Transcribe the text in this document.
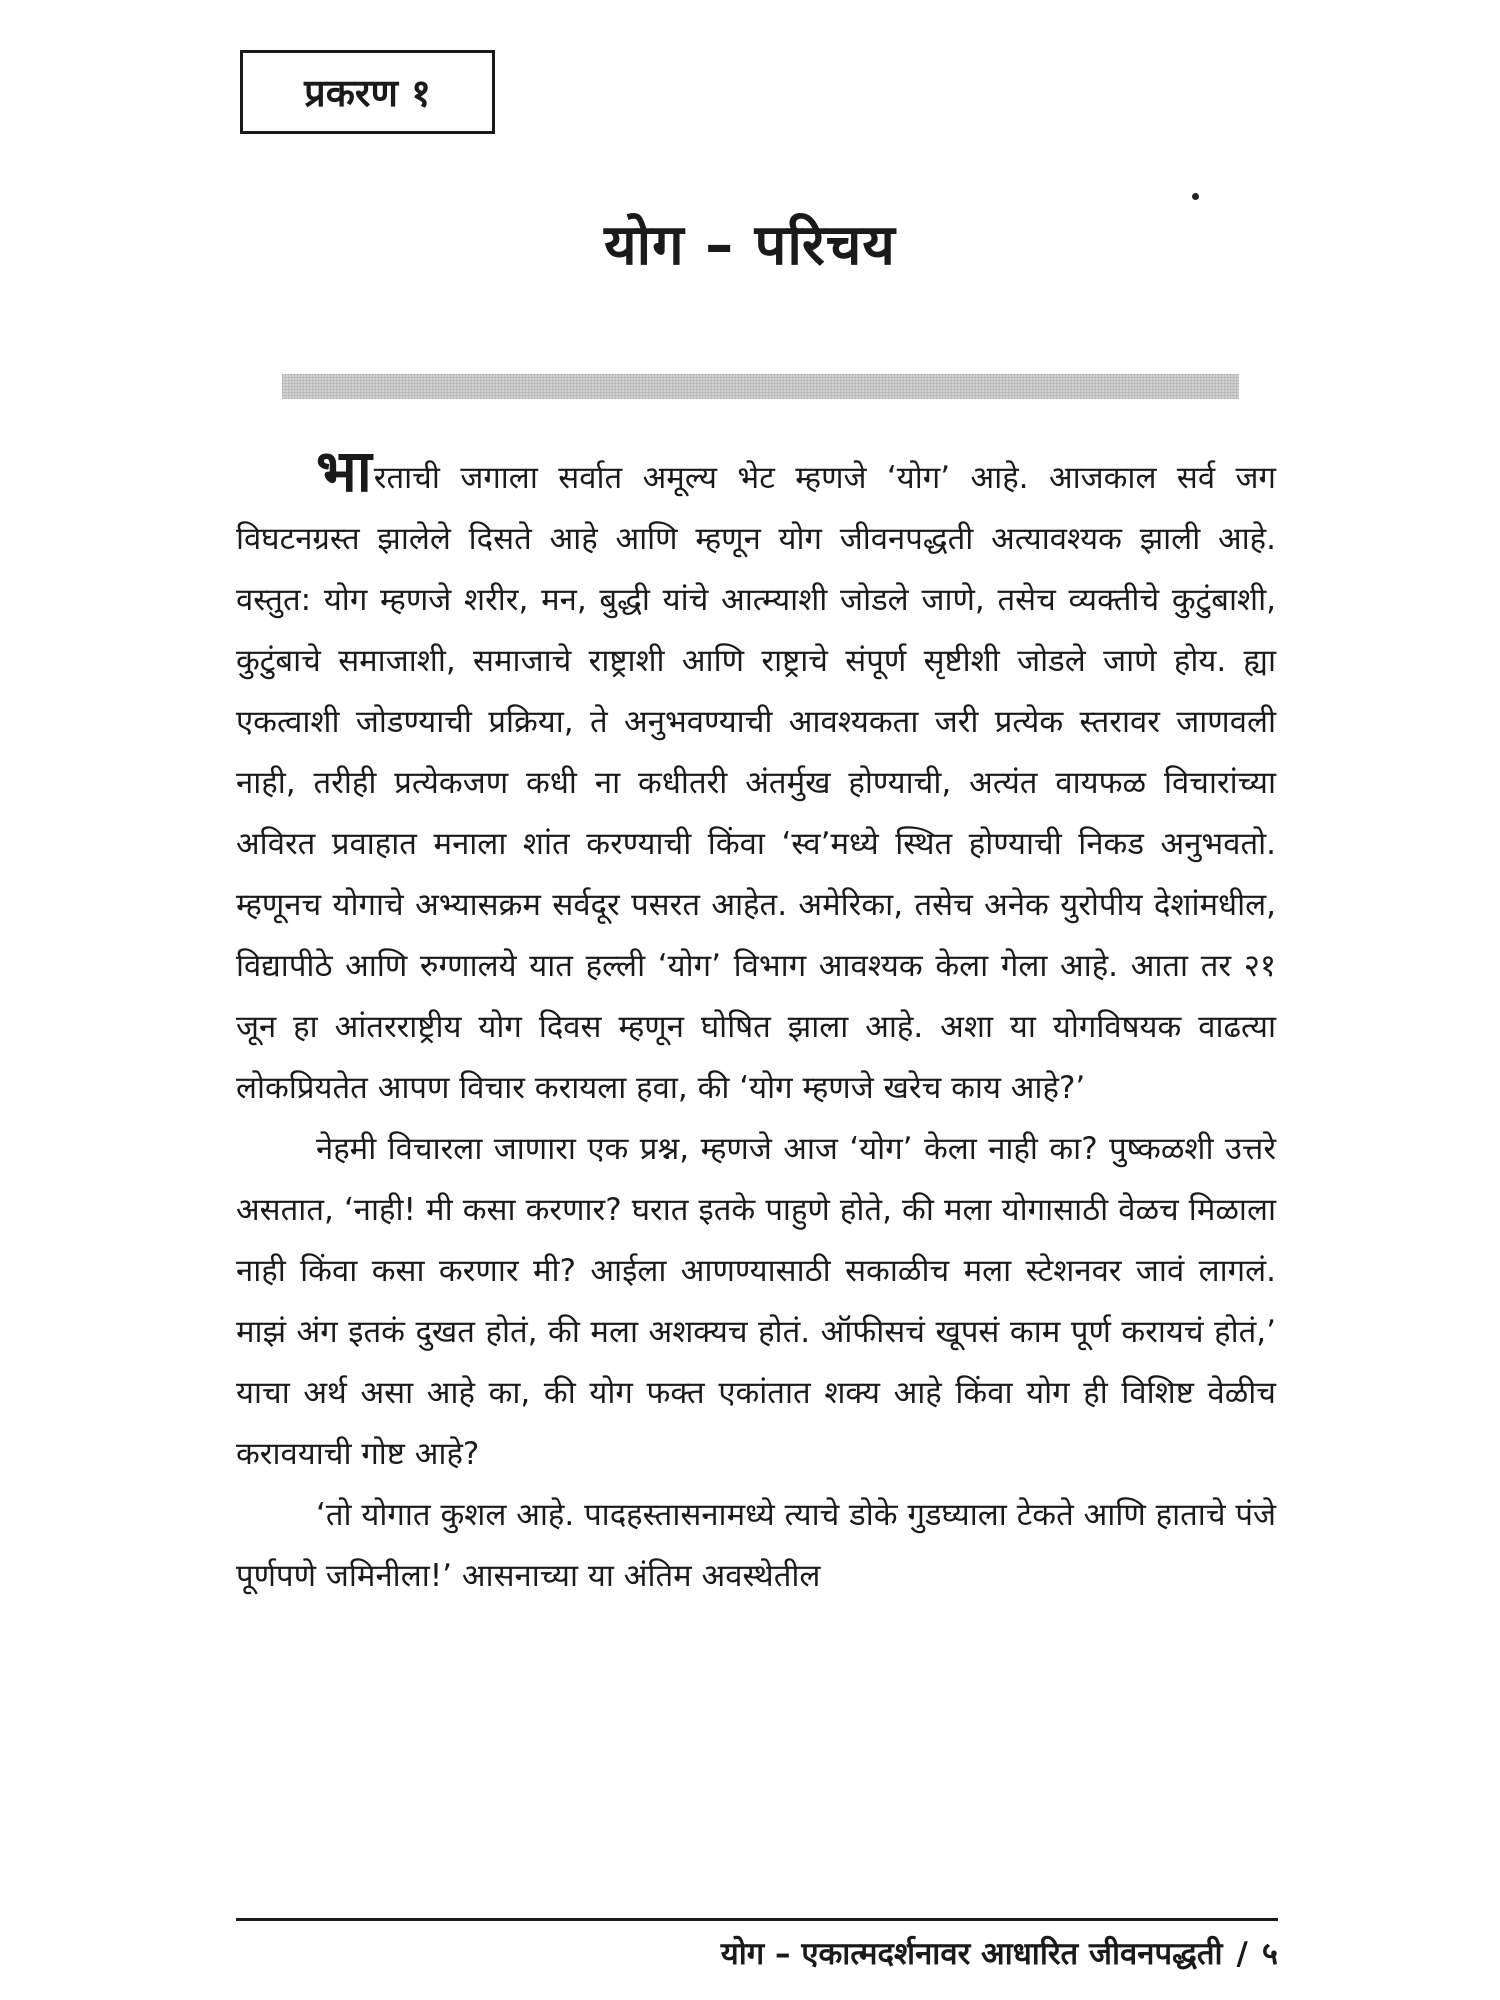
प्रकरण १
योग – परिचय

भारताची जगाला सर्वात अमूल्य भेट म्हणजे ‘योग’ आहे. आजकाल सर्व जग विघटनग्रस्त झालेले दिसते आहे आणि म्हणून योग जीवनपद्धती अत्यावश्यक झाली आहे. वस्तुत: योग म्हणजे शरीर, मन, बुद्धी यांचे आत्म्याशी जोडले जाणे, तसेच व्यक्तीचे कुटुंबाशी, कुटुंबाचे समाजाशी, समाजाचे राष्ट्राशी आणि राष्ट्राचे संपूर्ण सृष्टीशी जोडले जाणे होय. ह्या एकत्वाशी जोडण्याची प्रक्रिया, ते अनुभवण्याची आवश्यकता जरी प्रत्येक स्तरावर जाणवली नाही, तरीही प्रत्येकजण कधी ना कधीतरी अंतर्मुख होण्याची, अत्यंत वायफळ विचारांच्या अविरत प्रवाहात मनाला शांत करण्याची किंवा ‘स्व’मध्ये स्थित होण्याची निकड अनुभवतो. म्हणूनच योगाचे अभ्यासक्रम सर्वदूर पसरत आहेत. अमेरिका, तसेच अनेक युरोपीय देशांमधील, विद्यापीठे आणि रुग्णालये यात हल्ली ‘योग’ विभाग आवश्यक केला गेला आहे. आता तर २१ जून हा आंतरराष्ट्रीय योग दिवस म्हणून घोषित झाला आहे. अशा या योगविषयक वाढत्या लोकप्रियतेत आपण विचार करायला हवा, की ‘योग म्हणजे खरेच काय आहे?’

नेहमी विचारला जाणारा एक प्रश्न, म्हणजे आज ‘योग’ केला नाही का? पुष्कळशी उत्तरे असतात, ‘नाही! मी कसा करणार? घरात इतके पाहुणे होते, की मला योगासाठी वेळच मिळाला नाही किंवा कसा करणार मी? आईला आणण्यासाठी सकाळीच मला स्टेशनवर जावं लागलं. माझं अंग इतकं दुखत होतं, की मला अशक्यच होतं. ऑफीसचं खूपसं काम पूर्ण करायचं होतं,’ याचा अर्थ असा आहे का, की योग फक्त एकांतात शक्य आहे किंवा योग ही विशिष्ट वेळीच करावयाची गोष्ट आहे?

‘तो योगात कुशल आहे. पादहस्तासनामध्ये त्याचे डोके गुडघ्याला टेकते आणि हाताचे पंजे पूर्णपणे जमिनीला!’ आसनाच्या या अंतिम अवस्थेतील

योग – एकात्मदर्शनावर आधारित जीवनपद्धती / ५
